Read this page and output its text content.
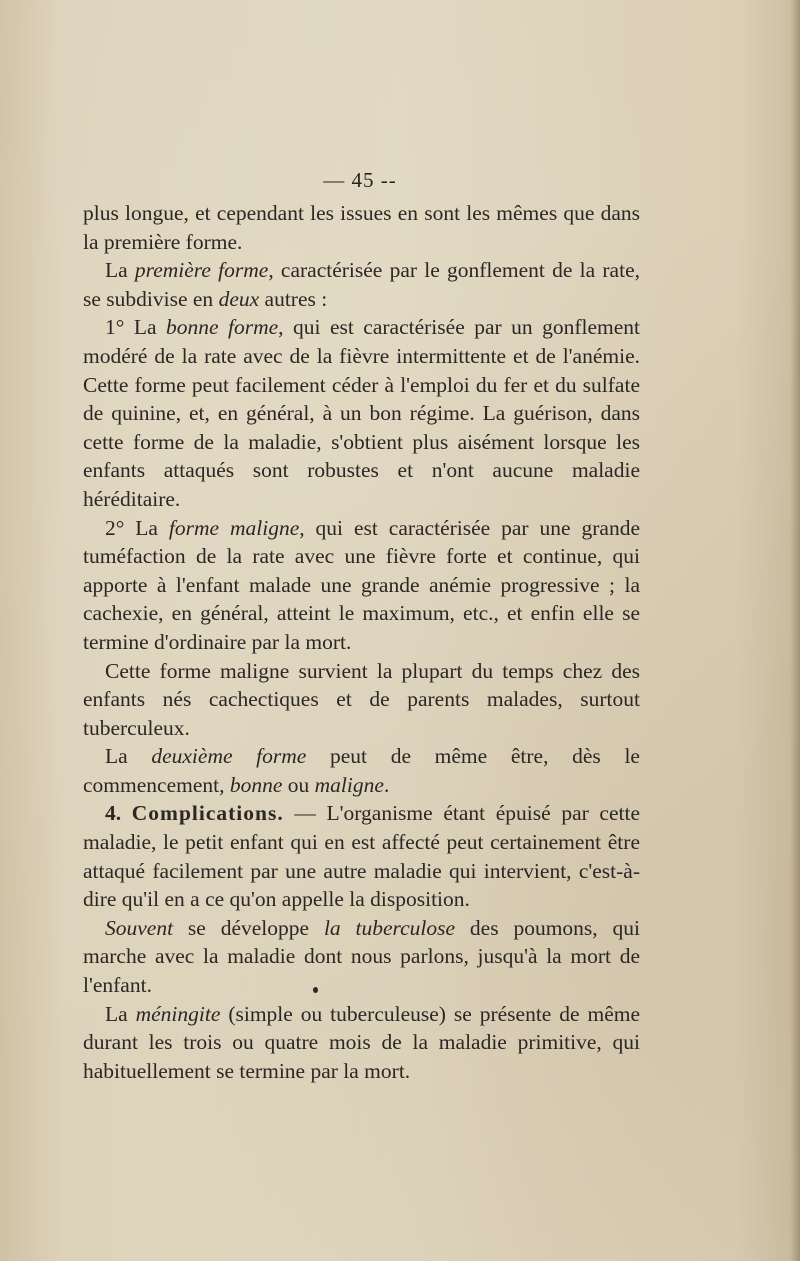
— 45 --

plus longue, et cependant les issues en sont les mêmes que dans la première forme.

La première forme, caractérisée par le gonflement de la rate, se subdivise en deux autres :

1° La bonne forme, qui est caractérisée par un gonflement modéré de la rate avec de la fièvre intermittente et de l'anémie. Cette forme peut facilement céder à l'emploi du fer et du sulfate de quinine, et, en général, à un bon régime. La guérison, dans cette forme de la maladie, s'obtient plus aisément lorsque les enfants attaqués sont robustes et n'ont aucune maladie héréditaire.

2° La forme maligne, qui est caractérisée par une grande tuméfaction de la rate avec une fièvre forte et continue, qui apporte à l'enfant malade une grande anémie progressive ; la cachexie, en général, atteint le maximum, etc., et enfin elle se termine d'ordinaire par la mort.

Cette forme maligne survient la plupart du temps chez des enfants nés cachectiques et de parents malades, surtout tuberculeux.

La deuxième forme peut de même être, dès le commencement, bonne ou maligne.

4. Complications. — L'organisme étant épuisé par cette maladie, le petit enfant qui en est affecté peut certainement être attaqué facilement par une autre maladie qui intervient, c'est-à-dire qu'il en a ce qu'on appelle la disposition.

Souvent se développe la tuberculose des poumons, qui marche avec la maladie dont nous parlons, jusqu'à la mort de l'enfant.

La méningite (simple ou tuberculeuse) se présente de même durant les trois ou quatre mois de la maladie primitive, qui habituellement se termine par la mort.
